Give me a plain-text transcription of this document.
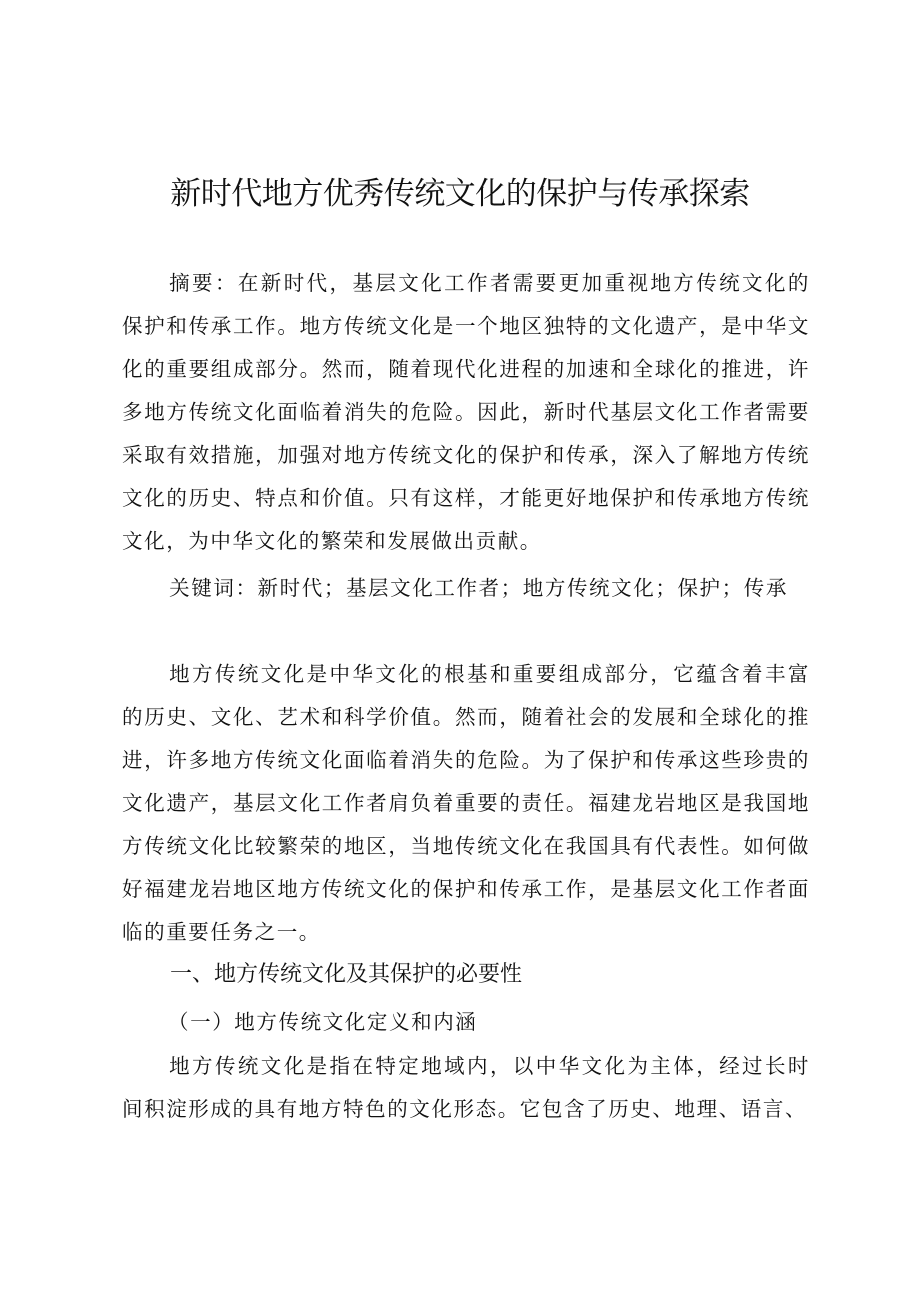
新时代地方优秀传统文化的保护与传承探索

摘要：在新时代，基层文化工作者需要更加重视地方传统文化的保护和传承工作。地方传统文化是一个地区独特的文化遗产，是中华文化的重要组成部分。然而，随着现代化进程的加速和全球化的推进，许多地方传统文化面临着消失的危险。因此，新时代基层文化工作者需要采取有效措施，加强对地方传统文化的保护和传承，深入了解地方传统文化的历史、特点和价值。只有这样，才能更好地保护和传承地方传统文化，为中华文化的繁荣和发展做出贡献。

关键词：新时代；基层文化工作者；地方传统文化；保护；传承

地方传统文化是中华文化的根基和重要组成部分，它蕴含着丰富的历史、文化、艺术和科学价值。然而，随着社会的发展和全球化的推进，许多地方传统文化面临着消失的危险。为了保护和传承这些珍贵的文化遗产，基层文化工作者肩负着重要的责任。福建龙岩地区是我国地方传统文化比较繁荣的地区，当地传统文化在我国具有代表性。如何做好福建龙岩地区地方传统文化的保护和传承工作，是基层文化工作者面临的重要任务之一。

一、地方传统文化及其保护的必要性
（一）地方传统文化定义和内涵

地方传统文化是指在特定地域内，以中华文化为主体，经过长时间积淀形成的具有地方特色的文化形态。它包含了历史、地理、语言、
